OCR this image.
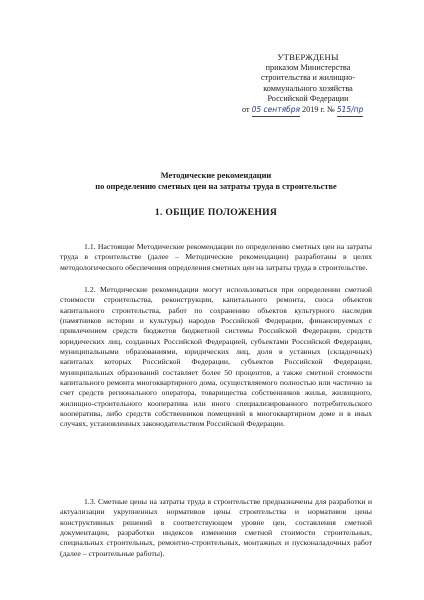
УТВЕРЖДЕНЫ
приказом Министерства
строительства и жилищно-
коммунального хозяйства
Российской Федерации
от 05 сентября 2019 г. № 515/пр
Методические рекомендации
по определению сметных цен на затраты труда в строительстве
1. ОБЩИЕ ПОЛОЖЕНИЯ

1.1. Настоящие Методические рекомендации по определению сметных цен на затраты труда в строительстве (далее – Методические рекомендации) разработаны в целях методологического обеспечения определения сметных цен на затраты труда в строительстве.

1.2. Методические рекомендации могут использоваться при определении сметной стоимости строительства, реконструкции, капитального ремонта, сноса объектов капитального строительства, работ по сохранению объектов культурного наследия (памятников истории и культуры) народов Российской Федерации, финансируемых с привлечением средств бюджетов бюджетной системы Российской Федерации, средств юридических лиц, созданных Российской Федерацией, субъектами Российской Федерации, муниципальными образованиями, юридических лиц, доля в уставных (складочных) капиталах которых Российской Федерации, субъектов Российской Федерации, муниципальных образований составляет более 50 процентов, а также сметной стоимости капитального ремонта многоквартирного дома, осуществляемого полностью или частично за счет средств регионального оператора, товарищества собственников жилья, жилищного, жилищно-строительного кооператива или иного специализированного потребительского кооператива, либо средств собственников помещений в многоквартирном доме и в иных случаях, установленных законодательством Российской Федерации.

1.3. Сметные цены на затраты труда в строительстве предназначены для разработки и актуализации укрупненных нормативов цены строительства и нормативов цены конструктивных решений в соответствующем уровне цен, составления сметной документации, разработки индексов изменения сметной стоимости строительных, специальных строительных, ремонтно-строительных, монтажных и пусконаладочных работ (далее – строительные работы).
